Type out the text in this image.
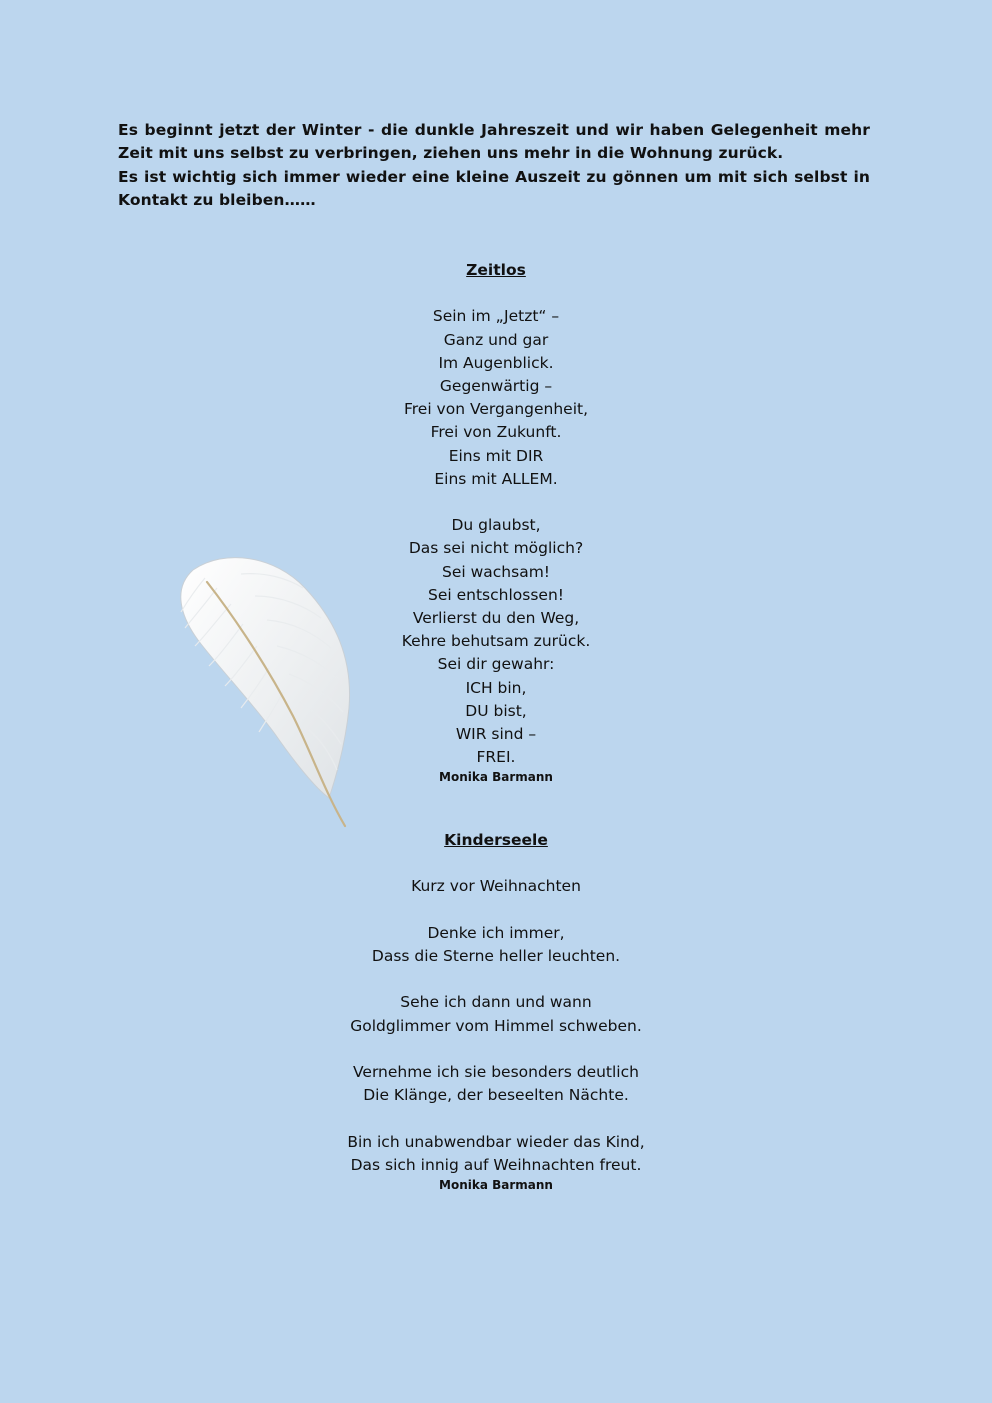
Es beginnt jetzt der Winter - die dunkle Jahreszeit und wir haben Gelegenheit mehr Zeit mit uns selbst zu verbringen, ziehen uns mehr in die Wohnung zurück.

Es ist wichtig sich immer wieder eine kleine Auszeit zu gönnen um mit sich selbst in Kontakt zu bleiben……

Zeitlos
Sein im „Jetzt“ –
Ganz und gar
Im Augenblick.
Gegenwärtig –
Frei von Vergangenheit,
Frei von Zukunft.
Eins mit DIR
Eins mit ALLEM.
Du glaubst,
Das sei nicht möglich?
Sei wachsam!
Sei entschlossen!
Verlierst du den Weg,
Kehre behutsam zurück.
Sei dir gewahr:
ICH bin,
DU bist,
WIR sind –
FREI.
Monika Barmann
Kinderseele
Kurz vor Weihnachten
Denke ich immer,
Dass die Sterne heller leuchten.
Sehe ich dann und wann
Goldglimmer vom Himmel schweben.
Vernehme ich sie besonders deutlich
Die Klänge, der beseelten Nächte.
Bin ich unabwendbar wieder das Kind,
Das sich innig auf Weihnachten freut.
Monika Barmann
